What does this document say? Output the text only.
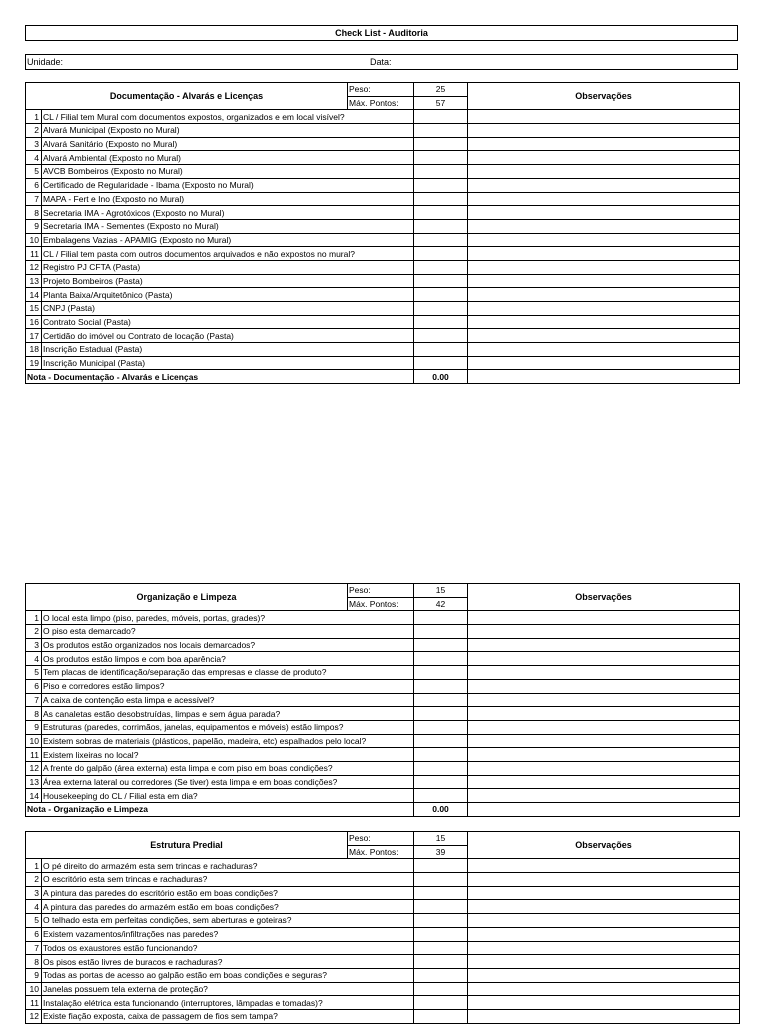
Check List - Auditoria
Unidade:	Data:
Documentação - Alvarás e Licenças		Peso:	25	Observações
		Máx. Pontos:	57	
1	CL / Filial tem Mural com documentos expostos, organizados e em local visível?			
2	Alvará Municipal (Exposto no Mural)			
3	Alvará Sanitário (Exposto no Mural)			
4	Alvará Ambiental (Exposto no Mural)			
5	AVCB Bombeiros (Exposto no Mural)			
6	Certificado de Regularidade - Ibama (Exposto no Mural)			
7	MAPA - Fert e Ino (Exposto no Mural)			
8	Secretaria IMA - Agrotóxicos (Exposto no Mural)			
9	Secretaria IMA - Sementes (Exposto no Mural)			
10	Embalagens Vazias - APAMIG (Exposto no Mural)			
11	CL / Filial tem pasta com outros documentos arquivados e não expostos no mural?			
12	Registro PJ CFTA (Pasta)			
13	Projeto Bombeiros (Pasta)			
14	Planta Baixa/Arquitetônico (Pasta)			
15	CNPJ (Pasta)			
16	Contrato Social (Pasta)			
17	Certidão do imóvel ou Contrato de locação (Pasta)			
18	Inscrição Estadual (Pasta)			
19	Inscrição Municipal (Pasta)			
Nota - Documentação - Alvarás e Licenças			0.00	
Organização e Limpeza		Peso:	15	Observações
		Máx. Pontos:	42	
1	O local esta limpo (piso, paredes, móveis, portas, grades)?			
2	O piso esta demarcado?			
3	Os produtos estão organizados nos locais demarcados?			
4	Os produtos estão limpos e com boa aparência?			
5	Tem placas de identificação/separação das empresas e classe de produto?			
6	Piso e corredores estão limpos?			
7	A caixa de contenção esta limpa e acessível?			
8	As canaletas estão desobstruídas, limpas e sem água parada?			
9	Estruturas (paredes, corrimãos, janelas, equipamentos e móveis) estão limpos?			
10	Existem sobras de materiais (plásticos, papelão, madeira, etc) espalhados pelo local?			
11	Existem lixeiras no local?			
12	A frente do galpão (área externa) esta limpa e com piso em boas condições?			
13	Área externa lateral ou corredores (Se tiver) esta limpa e em boas condições?			
14	Housekeeping do CL / Filial esta em dia?			
Nota - Organização e Limpeza			0.00	
Estrutura Predial		Peso:	15	Observações
		Máx. Pontos:	39	
1	O pé direito do armazém esta sem trincas e rachaduras?			
2	O escritório esta sem trincas e rachaduras?			
3	A pintura das paredes do escritório estão em boas condições?			
4	A pintura das paredes do armazém estão em boas condições?			
5	O telhado esta em perfeitas condições, sem aberturas e goteiras?			
6	Existem vazamentos/infiltrações nas paredes?			
7	Todos os exaustores estão funcionando?			
8	Os pisos estão livres de buracos e rachaduras?			
9	Todas as portas de acesso ao galpão estão em boas condições e seguras?			
10	Janelas possuem tela externa de proteção?			
11	Instalação elétrica esta funcionando (interruptores, lâmpadas e tomadas)?			
12	Existe fiação exposta, caixa de passagem de fios sem tampa?			
